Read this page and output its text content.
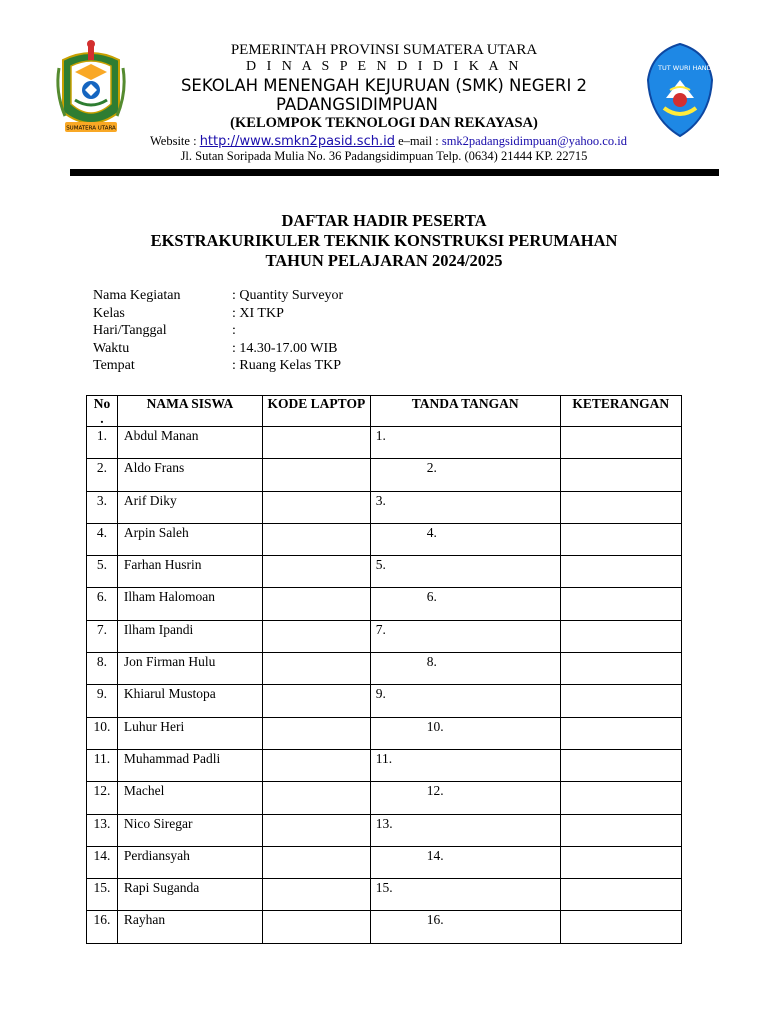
SUMATERA UTARA
TUT WURI HANDAYANI
PEMERINTAH PROVINSI SUMATERA UTARA
D I N A S P E N D I D I K A N
SEKOLAH MENENGAH KEJURUAN (SMK) NEGERI 2
PADANGSIDIMPUAN
(KELOMPOK TEKNOLOGI DAN REKAYASA)
Website : http://www.smkn2pasid.sch.id e–mail : smk2padangsidimpuan@yahoo.co.id
Jl. Sutan Soripada Mulia No. 36 Padangsidimpuan Telp. (0634) 21444 KP. 22715
DAFTAR HADIR PESERTA
EKSTRAKURIKULER TEKNIK KONSTRUKSI PERUMAHAN
TAHUN PELAJARAN 2024/2025
Nama Kegiatan	: Quantity Surveyor
Kelas	: XI TKP
Hari/Tanggal	:
Waktu	: 14.30-17.00 WIB
Tempat	: Ruang Kelas TKP
No
.	NAMA SISWA	KODE LAPTOP	TANDA TANGAN	KETERANGAN
1.	Abdul Manan		1.	
2.	Aldo Frans		2.	
3.	Arif Diky		3.	
4.	Arpin Saleh		4.	
5.	Farhan Husrin		5.	
6.	Ilham Halomoan		6.	
7.	Ilham Ipandi		7.	
8.	Jon Firman Hulu		8.	
9.	Khiarul Mustopa		9.	
10.	Luhur Heri		10.	
11.	Muhammad Padli		11.	
12.	Machel		12.	
13.	Nico Siregar		13.	
14.	Perdiansyah		14.	
15.	Rapi Suganda		15.	
16.	Rayhan		16.	
